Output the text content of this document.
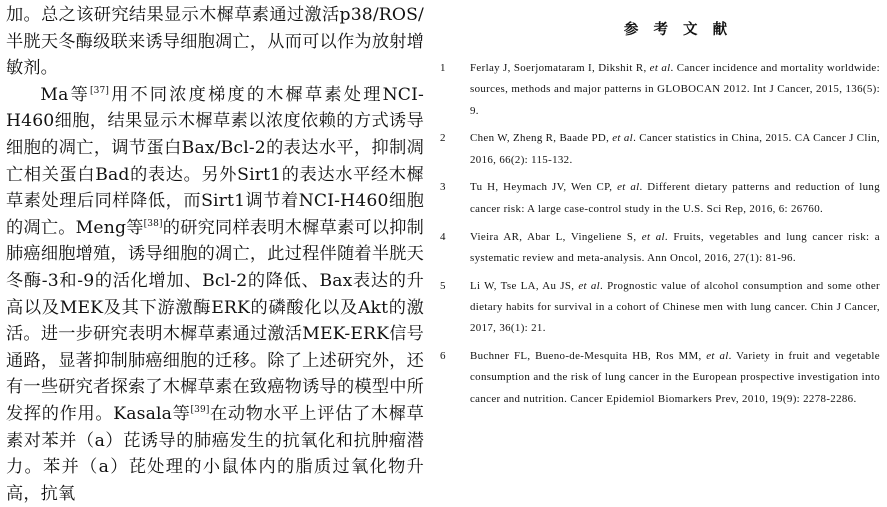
加。总之该研究结果显示木樨草素通过激活p38/ROS/半胱天冬酶级联来诱导细胞凋亡，从而可以作为放射增敏剂。

Ma等[37]用不同浓度梯度的木樨草素处理NCI-H460细胞，结果显示木樨草素以浓度依赖的方式诱导细胞的凋亡，调节蛋白Bax/Bcl-2的表达水平，抑制凋亡相关蛋白Bad的表达。另外Sirt1的表达水平经木樨草素处理后同样降低，而Sirt1调节着NCI-H460细胞的凋亡。Meng等[38]的研究同样表明木樨草素可以抑制肺癌细胞增殖，诱导细胞的凋亡，此过程伴随着半胱天冬酶-3和-9的活化增加、Bcl-2的降低、Bax表达的升高以及MEK及其下游激酶ERK的磷酸化以及Akt的激活。进一步研究表明木樨草素通过激活MEK-ERK信号通路，显著抑制肺癌细胞的迁移。除了上述研究外，还有一些研究者探索了木樨草素在致癌物诱导的模型中所发挥的作用。Kasala等[39]在动物水平上评估了木樨草素对苯并（a）芘诱导的肺癌发生的抗氧化和抗肿瘤潜力。苯并（a）芘处理的小鼠体内的脂质过氧化物升高，抗氧

参 考 文 献
1 Ferlay J, Soerjomataram I, Dikshit R, et al. Cancer incidence and mortality worldwide: sources, methods and major patterns in GLOBOCAN 2012. Int J Cancer, 2015, 136(5): 9.
2 Chen W, Zheng R, Baade PD, et al. Cancer statistics in China, 2015. CA Cancer J Clin, 2016, 66(2): 115-132.
3 Tu H, Heymach JV, Wen CP, et al. Different dietary patterns and reduction of lung cancer risk: A large case-control study in the U.S. Sci Rep, 2016, 6: 26760.
4 Vieira AR, Abar L, Vingeliene S, et al. Fruits, vegetables and lung cancer risk: a systematic review and meta-analysis. Ann Oncol, 2016, 27(1): 81-96.
5 Li W, Tse LA, Au JS, et al. Prognostic value of alcohol consumption and some other dietary habits for survival in a cohort of Chinese men with lung cancer. Chin J Cancer, 2017, 36(1): 21.
6 Buchner FL, Bueno-de-Mesquita HB, Ros MM, et al. Variety in fruit and vegetable consumption and the risk of lung cancer in the European prospective investigation into cancer and nutrition. Cancer Epidemiol Biomarkers Prev, 2010, 19(9): 2278-2286.
